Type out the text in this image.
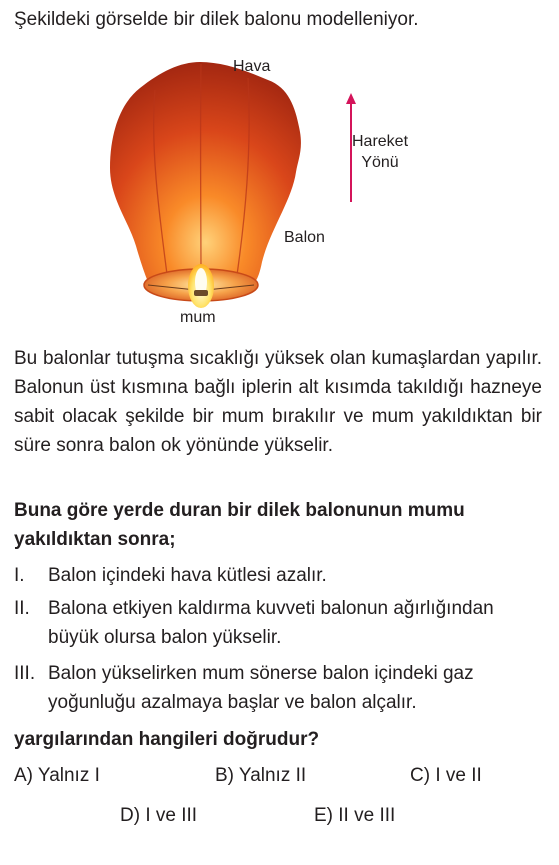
Şekildeki görselde bir dilek balonu modelleniyor.
Hava
Balon
mum
Hareket
Yönü
Bu balonlar tutuşma sıcaklığı yüksek olan kumaşlardan yapılır. Balonun üst kısmına bağlı iplerin alt kısımda takıldığı hazneye sabit olacak şekilde bir mum bırakılır ve mum yakıldıktan bir süre sonra balon ok yönünde yükselir.
Buna göre yerde duran bir dilek balonunun mumu yakıldıktan sonra;
I. Balon içindeki hava kütlesi azalır.
II. Balona etkiyen kaldırma kuvveti balonun ağırlığından büyük olursa balon yükselir.
III. Balon yükselirken mum sönerse balon içindeki gaz yoğunluğu azalmaya başlar ve balon alçalır.
yargılarından hangileri doğrudur?
A) Yalnız I	B) Yalnız II	C) I ve II
D) I ve III	E) II ve III
